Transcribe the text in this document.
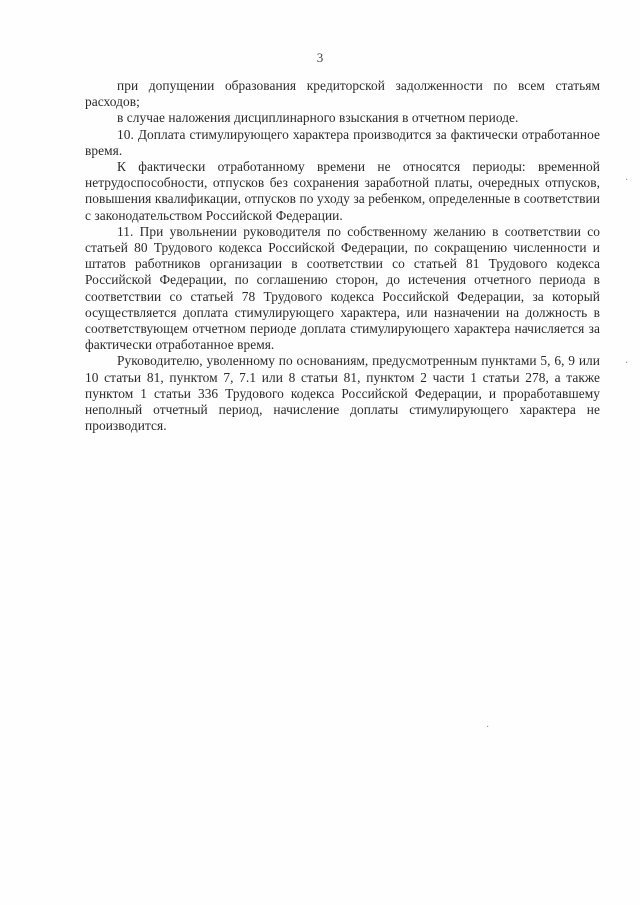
3

при допущении образования кредиторской задолженности по всем статьям расходов;

в случае наложения дисциплинарного взыскания в отчетном периоде.

10. Доплата стимулирующего характера производится за фактически отработанное время.

К фактически отработанному времени не относятся периоды: временной нетрудоспособности, отпусков без сохранения заработной платы, очередных отпусков, повышения квалификации, отпусков по уходу за ребенком, определенные в соответствии с законодательством Российской Федерации.

11. При увольнении руководителя по собственному желанию в соответствии со статьей 80 Трудового кодекса Российской Федерации, по сокращению численности и штатов работников организации в соответствии со статьей 81 Трудового кодекса Российской Федерации, по соглашению сторон, до истечения отчетного периода в соответствии со статьей 78 Трудового кодекса Российской Федерации, за который осуществляется доплата стимулирующего характера, или назначении на должность в соответствующем отчетном периоде доплата стимулирующего характера начисляется за фактически отработанное время.

Руководителю, уволенному по основаниям, предусмотренным пунктами 5, 6, 9 или 10 статьи 81, пунктом 7, 7.1 или 8 статьи 81, пунктом 2 части 1 статьи 278, а также пунктом 1 статьи 336 Трудового кодекса Российской Федерации, и проработавшему неполный отчетный период, начисление доплаты стимулирующего характера не производится.

·
·
·
